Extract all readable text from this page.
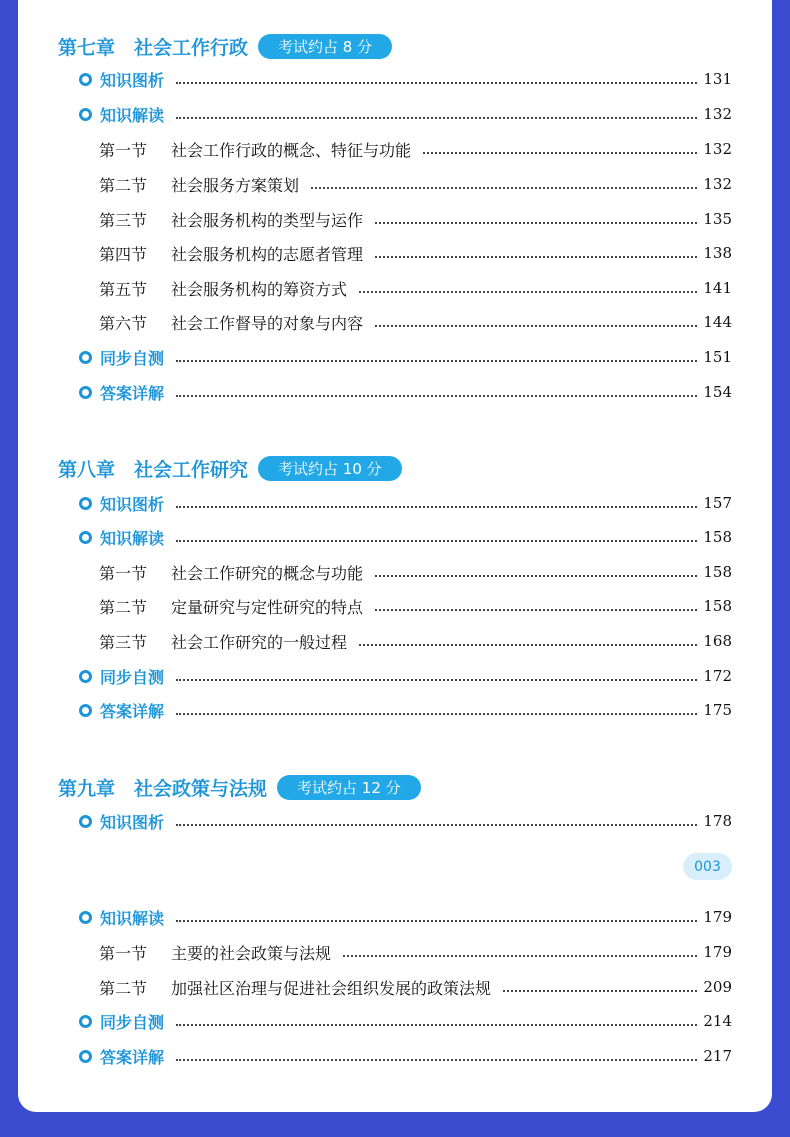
003
第七章　社会工作行政	考试约占 8 分
知识图析	131
知识解读	132
第一节	社会工作行政的概念、特征与功能	132
第二节	社会服务方案策划	132
第三节	社会服务机构的类型与运作	135
第四节	社会服务机构的志愿者管理	138
第五节	社会服务机构的筹资方式	141
第六节	社会工作督导的对象与内容	144
同步自测	151
答案详解	154
第八章　社会工作研究	考试约占 10 分
知识图析	157
知识解读	158
第一节	社会工作研究的概念与功能	158
第二节	定量研究与定性研究的特点	158
第三节	社会工作研究的一般过程	168
同步自测	172
答案详解	175
第九章　社会政策与法规	考试约占 12 分
知识图析	178
知识解读	179
第一节	主要的社会政策与法规	179
第二节	加强社区治理与促进社会组织发展的政策法规	209
同步自测	214
答案详解	217
